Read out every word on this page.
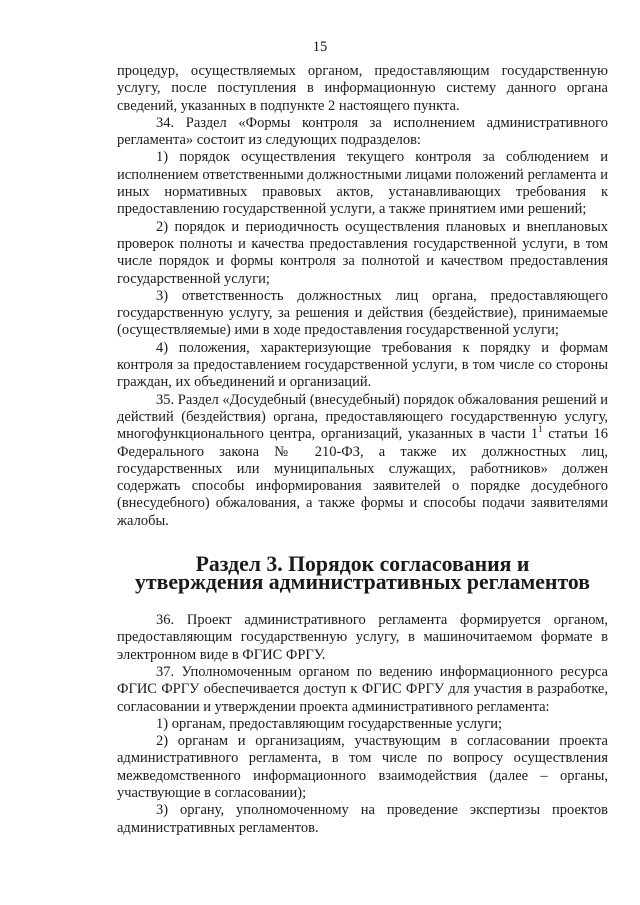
15

процедур, осуществляемых органом, предоставляющим государственную услугу, после поступления в информационную систему данного органа сведений, указанных в подпункте 2 настоящего пункта.

34. Раздел «Формы контроля за исполнением административного регламента» состоит из следующих подразделов:

1) порядок осуществления текущего контроля за соблюдением и исполнением ответственными должностными лицами положений регламента и иных нормативных правовых актов, устанавливающих требования к предоставлению государственной услуги, а также принятием ими решений;

2) порядок и периодичность осуществления плановых и внеплановых проверок полноты и качества предоставления государственной услуги, в том числе порядок и формы контроля за полнотой и качеством предоставления государственной услуги;

3) ответственность должностных лиц органа, предоставляющего государственную услугу, за решения и действия (бездействие), принимаемые (осуществляемые) ими в ходе предоставления государственной услуги;

4) положения, характеризующие требования к порядку и формам контроля за предоставлением государственной услуги, в том числе со стороны граждан, их объединений и организаций.

35. Раздел «Досудебный (внесудебный) порядок обжалования решений и действий (бездействия) органа, предоставляющего государственную услугу, многофункционального центра, организаций, указанных в части $1^1$ статьи 16 Федерального закона № 210-ФЗ, а также их должностных лиц, государственных или муниципальных служащих, работников» должен содержать способы информирования заявителей о порядке досудебного (внесудебного) обжалования, а также формы и способы подачи заявителями жалобы.

Раздел 3. Порядок согласования и утверждения административных регламентов

36. Проект административного регламента формируется органом, предоставляющим государственную услугу, в машиночитаемом формате в электронном виде в ФГИС ФРГУ.

37. Уполномоченным органом по ведению информационного ресурса ФГИС ФРГУ обеспечивается доступ к ФГИС ФРГУ для участия в разработке, согласовании и утверждении проекта административного регламента:

1) органам, предоставляющим государственные услуги;

2) органам и организациям, участвующим в согласовании проекта административного регламента, в том числе по вопросу осуществления межведомственного информационного взаимодействия (далее – органы, участвующие в согласовании);

3) органу, уполномоченному на проведение экспертизы проектов административных регламентов.
